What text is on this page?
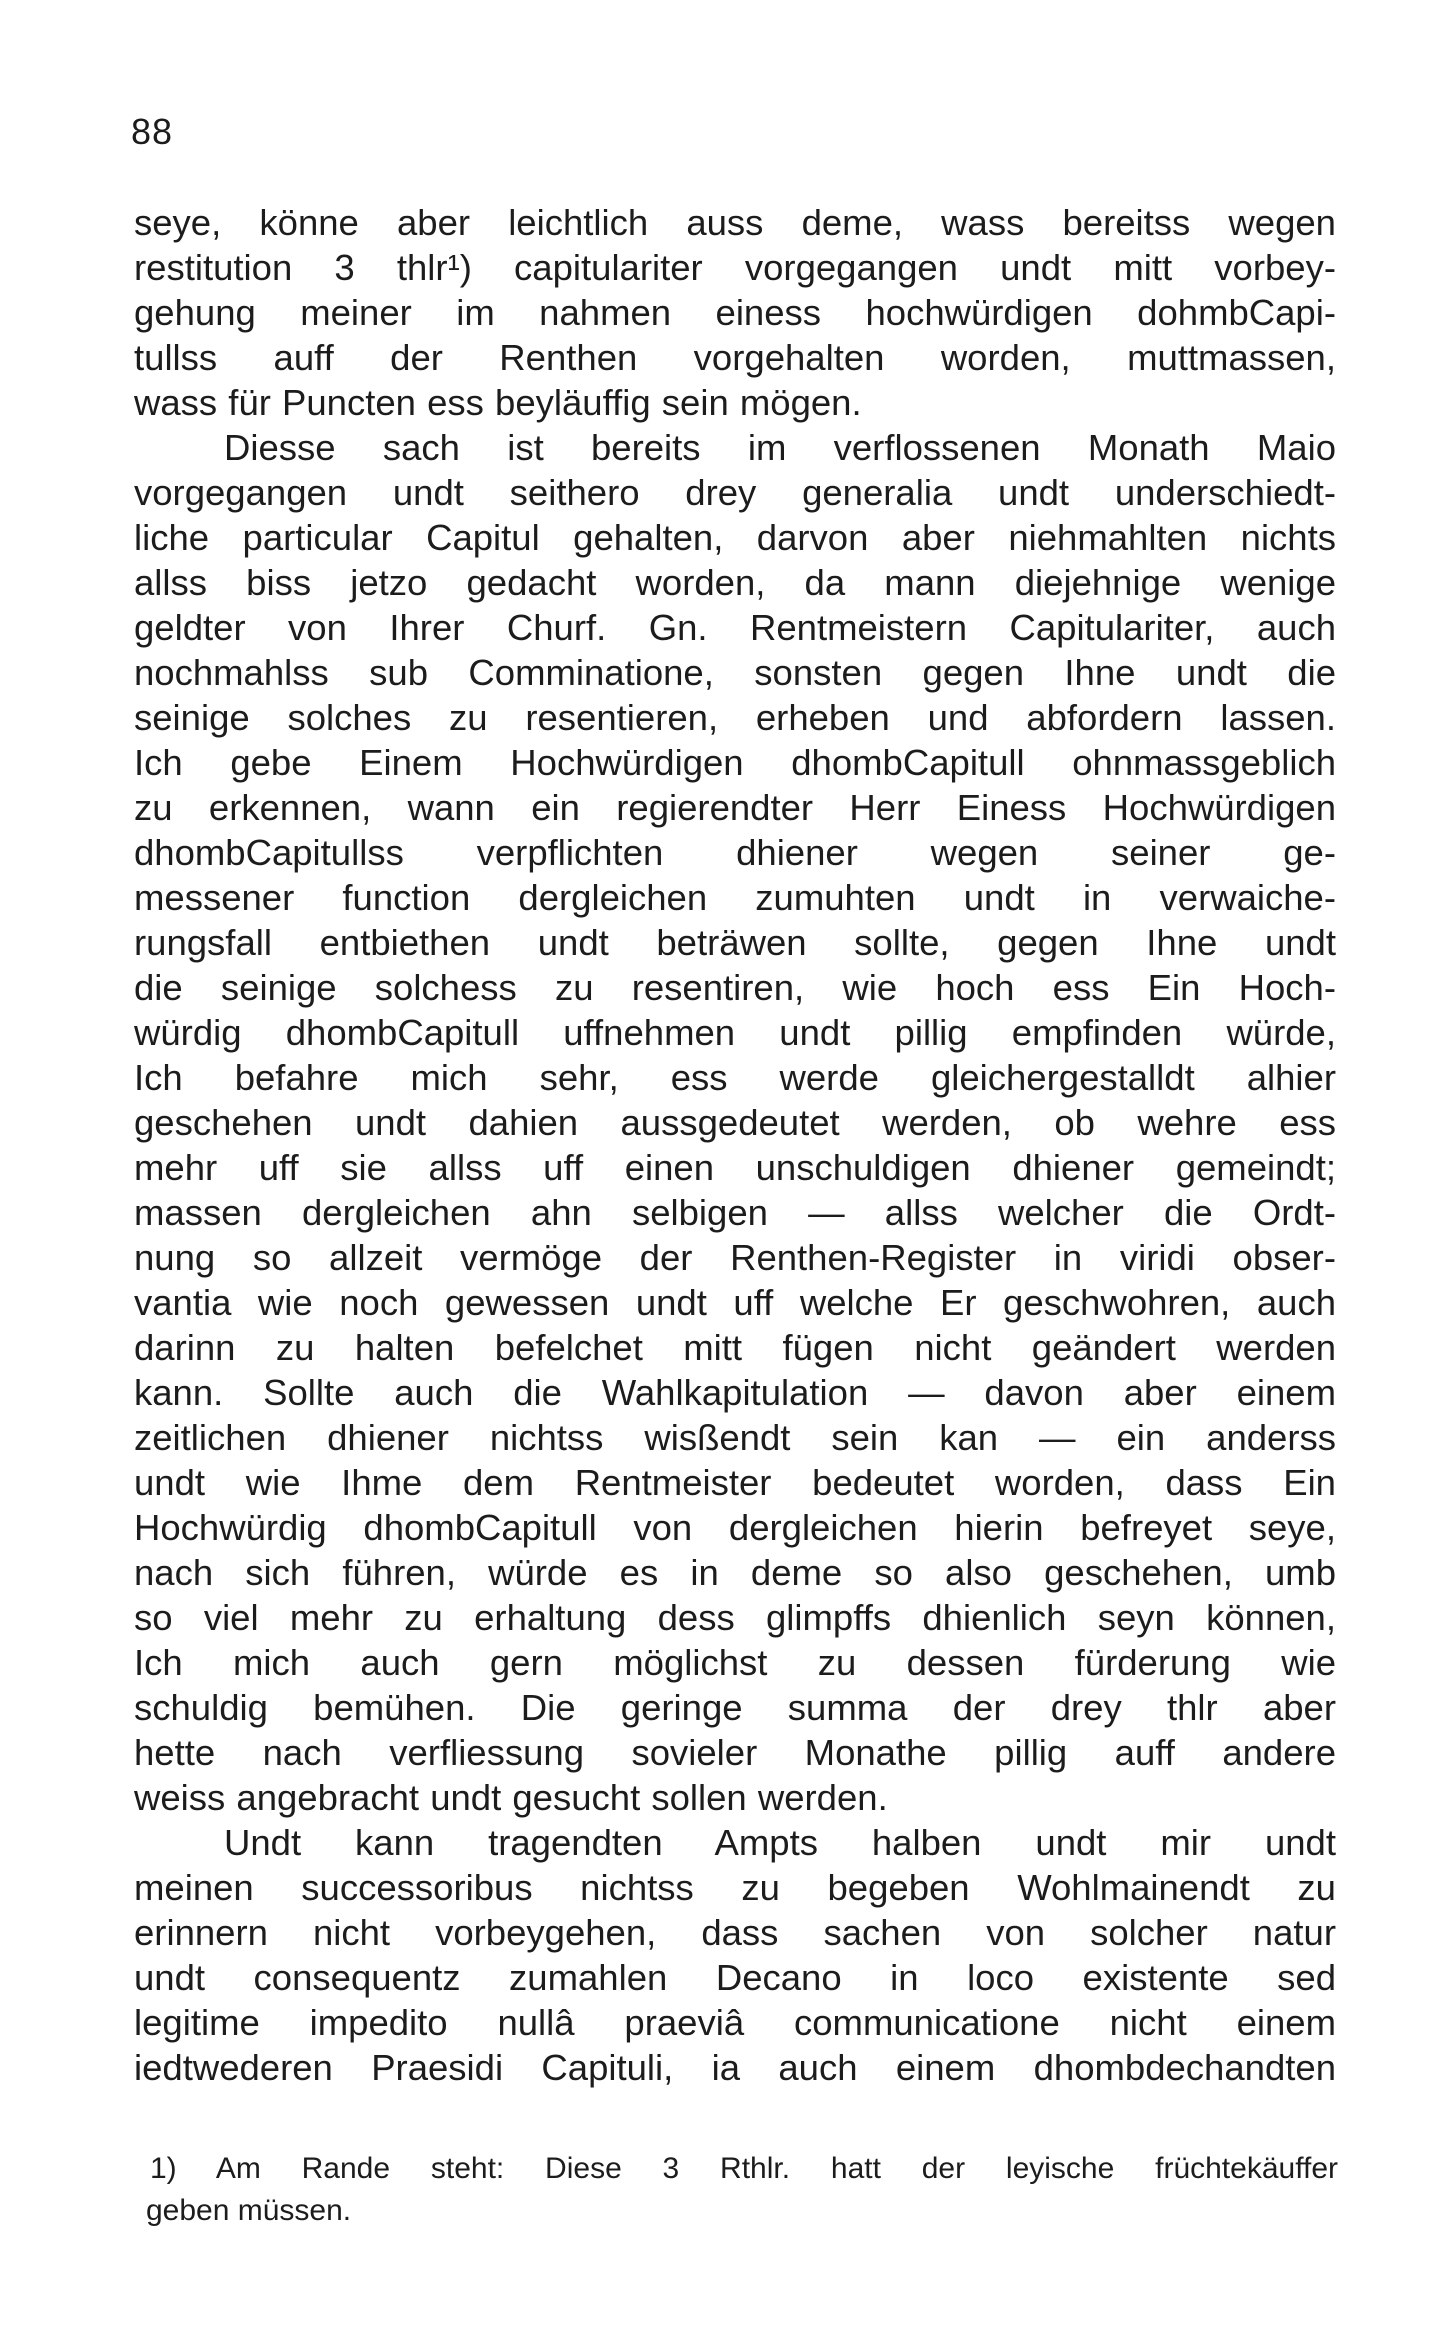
88
seye, könne aber leichtlich auss deme, wass bereitss wegen
restitution 3 thlr¹) capitulariter vorgegangen undt mitt vorbey-
gehung meiner im nahmen einess hochwürdigen dohmbCapi-
tullss auff der Renthen vorgehalten worden, muttmassen,
wass für Puncten ess beyläuffig sein mögen.
Diesse sach ist bereits im verflossenen Monath Maio
vorgegangen undt seithero drey generalia undt underschiedt-
liche particular Capitul gehalten, darvon aber niehmahlten nichts
allss biss jetzo gedacht worden, da mann diejehnige wenige
geldter von Ihrer Churf. Gn. Rentmeistern Capitulariter, auch
nochmahlss sub Comminatione, sonsten gegen Ihne undt die
seinige solches zu resentieren, erheben und abfordern lassen.
Ich gebe Einem Hochwürdigen dhombCapitull ohnmassgeblich
zu erkennen, wann ein regierendter Herr Einess Hochwürdigen
dhombCapitullss verpflichten dhiener wegen seiner ge-
messener function dergleichen zumuhten undt in verwaiche-
rungsfall entbiethen undt beträwen sollte, gegen Ihne undt
die seinige solchess zu resentiren, wie hoch ess Ein Hoch-
würdig dhombCapitull uffnehmen undt pillig empfinden würde,
Ich befahre mich sehr, ess werde gleichergestalldt alhier
geschehen undt dahien aussgedeutet werden, ob wehre ess
mehr uff sie allss uff einen unschuldigen dhiener gemeindt;
massen dergleichen ahn selbigen — allss welcher die Ordt-
nung so allzeit vermöge der Renthen-Register in viridi obser-
vantia wie noch gewessen undt uff welche Er geschwohren, auch
darinn zu halten befelchet mitt fügen nicht geändert werden
kann. Sollte auch die Wahlkapitulation — davon aber einem
zeitlichen dhiener nichtss wisßendt sein kan — ein anderss
undt wie Ihme dem Rentmeister bedeutet worden, dass Ein
Hochwürdig dhombCapitull von dergleichen hierin befreyet seye,
nach sich führen, würde es in deme so also geschehen, umb
so viel mehr zu erhaltung dess glimpffs dhienlich seyn können,
Ich mich auch gern möglichst zu dessen fürderung wie
schuldig bemühen. Die geringe summa der drey thlr aber
hette nach verfliessung sovieler Monathe pillig auff andere
weiss angebracht undt gesucht sollen werden.
Undt kann tragendten Ampts halben undt mir undt
meinen successoribus nichtss zu begeben Wohlmainendt zu
erinnern nicht vorbeygehen, dass sachen von solcher natur
undt consequentz zumahlen Decano in loco existente sed
legitime impedito nullâ praeviâ communicatione nicht einem
iedtwederen Praesidi Capituli, ia auch einem dhombdechandten
1) Am Rande steht: Diese 3 Rthlr. hatt der leyische früchtekäuffer
geben müssen.
